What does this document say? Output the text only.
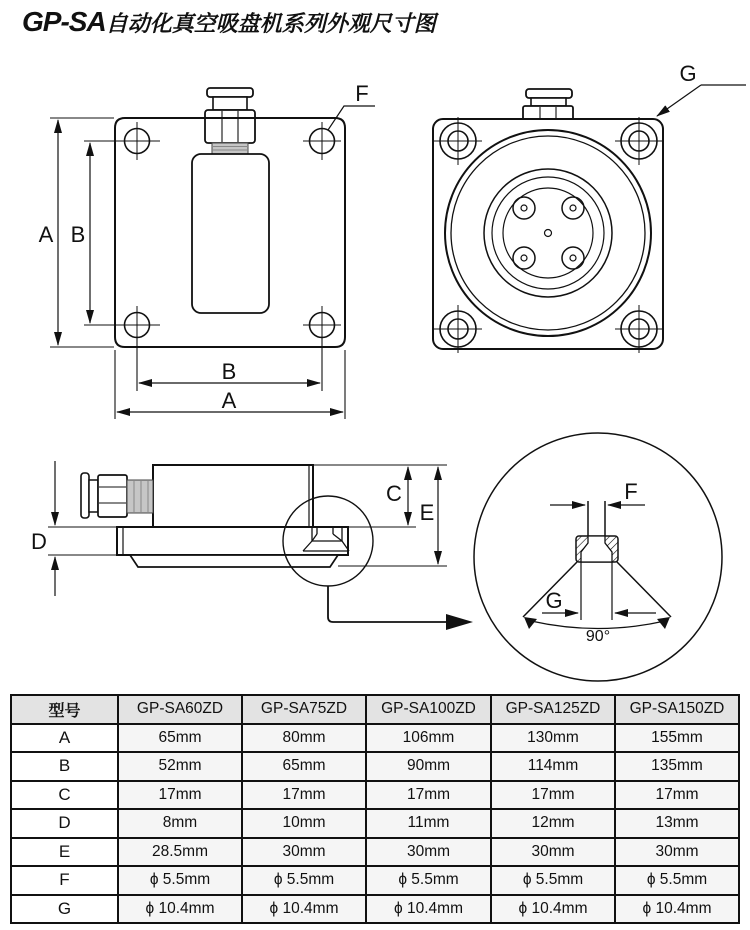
GP-SA自动化真空吸盘机系列外观尺寸图
A B
B
A
F
G
D
C
E
F
G
90°
型号	GP-SA60ZD	GP-SA75ZD	GP-SA100ZD	GP-SA125ZD	GP-SA150ZD
A	65mm	80mm	106mm	130mm	155mm
B	52mm	65mm	90mm	114mm	135mm
C	17mm	17mm	17mm	17mm	17mm
D	8mm	10mm	11mm	12mm	13mm
E	28.5mm	30mm	30mm	30mm	30mm
F	ϕ 5.5mm	ϕ 5.5mm	ϕ 5.5mm	ϕ 5.5mm	ϕ 5.5mm
G	ϕ 10.4mm	ϕ 10.4mm	ϕ 10.4mm	ϕ 10.4mm	ϕ 10.4mm
